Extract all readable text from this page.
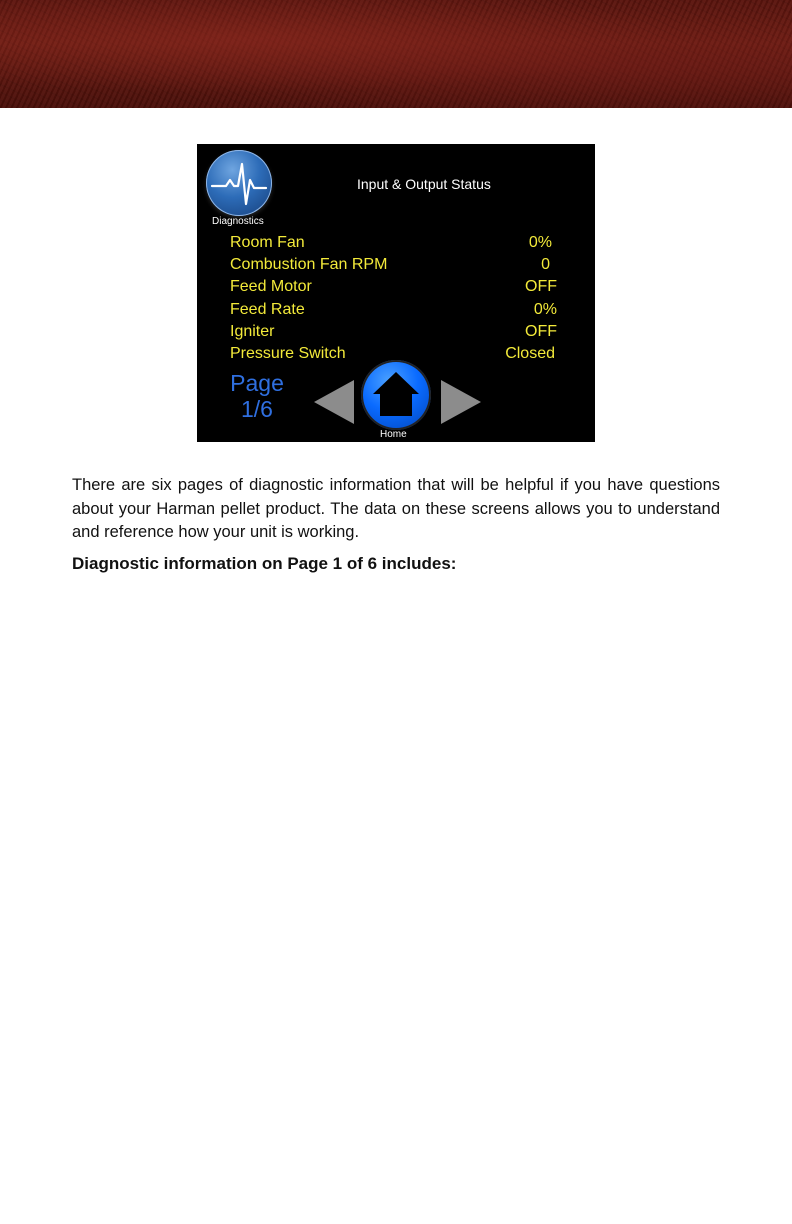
Diagnostics
Input & Output Status
Room Fan	0%
Combustion Fan RPM	0
Feed Motor	OFF
Feed Rate	0%
Igniter	OFF
Pressure Switch	Closed
Page
1/6
Home

There are six pages of diagnostic information that will be helpful if you have questions about your Harman pellet product. The data on these screens allows you to understand and reference how your unit is working.

Diagnostic information on Page 1 of 6 includes:
